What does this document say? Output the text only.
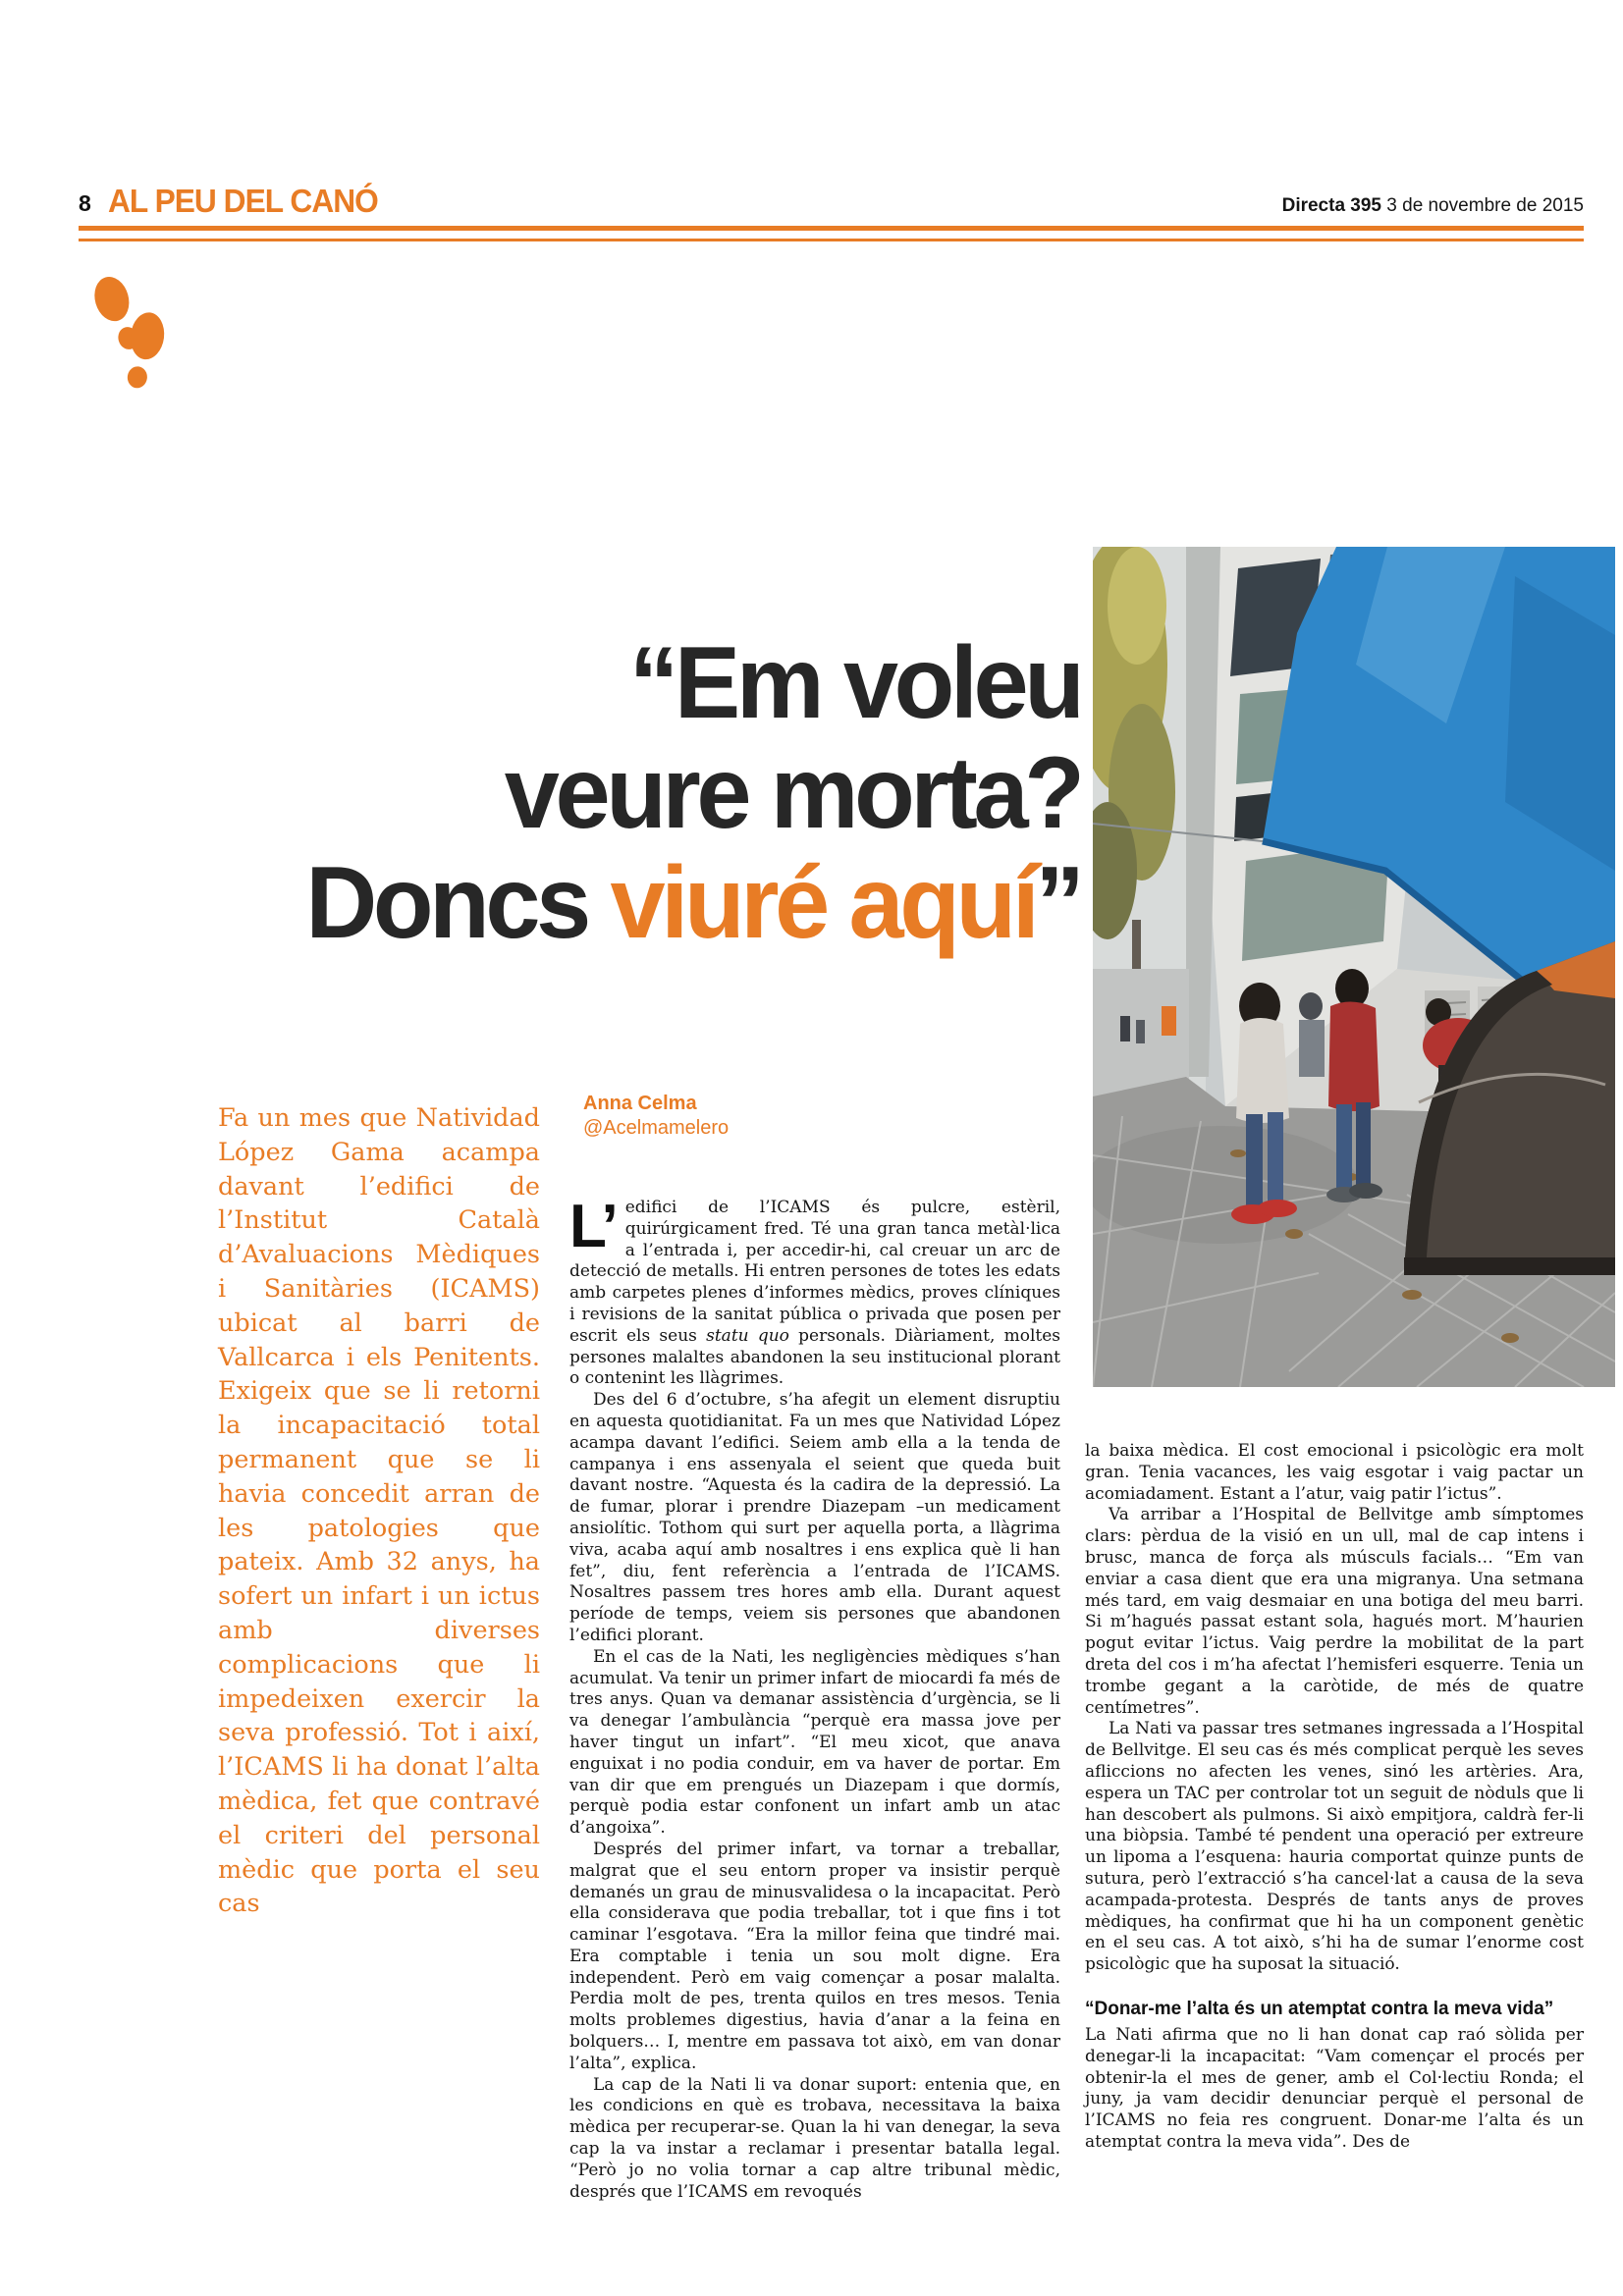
8 AL PEU DEL CANÓ	Directa 395 3 de novembre de 2015
“Em voleu
veure morta?
Doncs viuré aquí”
Fa un mes que Natividad López Gama acampa davant l’edifici de l’Institut Català d’Avaluacions Mèdiques i Sanitàries (ICAMS) ubicat al barri de Vallcarca i els Penitents. Exigeix que se li retorni la incapacitació total permanent que se li havia concedit arran de les patologies que pateix. Amb 32 anys, ha sofert un infart i un ictus amb diverses complicacions que li impedeixen exercir la seva professió. Tot i així, l’ICAMS li ha donat l’alta mèdica, fet que contravé el criteri del personal mèdic que porta el seu cas
Anna Celma
@Acelmamelero

L’ edifici de l’ICAMS és pulcre, estèril, quirúrgicament fred. Té una gran tanca metàl·lica a l’entrada i, per accedir-hi, cal creuar un arc de detecció de metalls. Hi entren persones de totes les edats amb carpetes plenes d’informes mèdics, proves clíniques i revisions de la sanitat pública o privada que posen per escrit els seus statu quo personals. Diàriament, moltes persones malaltes abandonen la seu institucional plorant o contenint les llàgrimes.

Des del 6 d’octubre, s’ha afegit un element disruptiu en aquesta quotidianitat. Fa un mes que Natividad López acampa davant l’edifici. Seiem amb ella a la tenda de campanya i ens assenyala el seient que queda buit davant nostre. “Aquesta és la cadira de la depressió. La de fumar, plorar i prendre Diazepam –un medicament ansiolític. Tothom qui surt per aquella porta, a llàgrima viva, acaba aquí amb nosaltres i ens explica què li han fet”, diu, fent referència a l’entrada de l’ICAMS. Nosaltres passem tres hores amb ella. Durant aquest període de temps, veiem sis persones que abandonen l’edifici plorant.

En el cas de la Nati, les negligències mèdiques s’han acumulat. Va tenir un primer infart de miocardi fa més de tres anys. Quan va demanar assistència d’urgència, se li va denegar l’ambulància “perquè era massa jove per haver tingut un infart”. “El meu xicot, que anava enguixat i no podia conduir, em va haver de portar. Em van dir que em prengués un Diazepam i que dormís, perquè podia estar confonent un infart amb un atac d’angoixa”.

Després del primer infart, va tornar a treballar, malgrat que el seu entorn proper va insistir perquè demanés un grau de minusvalidesa o la incapacitat. Però ella considerava que podia treballar, tot i que fins i tot caminar l’esgotava. “Era la millor feina que tindré mai. Era comptable i tenia un sou molt digne. Era independent. Però em vaig començar a posar malalta. Perdia molt de pes, trenta quilos en tres mesos. Tenia molts problemes digestius, havia d’anar a la feina en bolquers… I, mentre em passava tot això, em van donar l’alta”, explica.

La cap de la Nati li va donar suport: entenia que, en les condicions en què es trobava, necessitava la baixa mèdica per recuperar-se. Quan la hi van denegar, la seva cap la va instar a reclamar i presentar batalla legal. “Però jo no volia tornar a cap altre tribunal mèdic, després que l’ICAMS em revoqués

la baixa mèdica. El cost emocional i psicològic era molt gran. Tenia vacances, les vaig esgotar i vaig pactar un acomiadament. Estant a l’atur, vaig patir l’ictus”.

Va arribar a l’Hospital de Bellvitge amb símptomes clars: pèrdua de la visió en un ull, mal de cap intens i brusc, manca de força als músculs facials… “Em van enviar a casa dient que era una migranya. Una setmana més tard, em vaig desmaiar en una botiga del meu barri. Si m’hagués passat estant sola, hagués mort. M’haurien pogut evitar l’ictus. Vaig perdre la mobilitat de la part dreta del cos i m’ha afectat l’hemisferi esquerre. Tenia un trombe gegant a la caròtide, de més de quatre centímetres”.

La Nati va passar tres setmanes ingressada a l’Hospital de Bellvitge. El seu cas és més complicat perquè les seves afliccions no afecten les venes, sinó les artèries. Ara, espera un TAC per controlar tot un seguit de nòduls que li han descobert als pulmons. Si això empitjora, caldrà fer-li una biòpsia. També té pendent una operació per extreure un lipoma a l’esquena: hauria comportat quinze punts de sutura, però l’extracció s’ha cancel·lat a causa de la seva acampada-protesta. Després de tants anys de proves mèdiques, ha confirmat que hi ha un component genètic en el seu cas. A tot això, s’hi ha de sumar l’enorme cost psicològic que ha suposat la situació.

“Donar-me l’alta és un atemptat contra la meva vida”

La Nati afirma que no li han donat cap raó sòlida per denegar-li la incapacitat: “Vam començar el procés per obtenir-la el mes de gener, amb el Col·lectiu Ronda; el juny, ja vam decidir denunciar perquè el personal de l’ICAMS no feia res congruent. Donar-me l’alta és un atemptat contra la meva vida”. Des de
